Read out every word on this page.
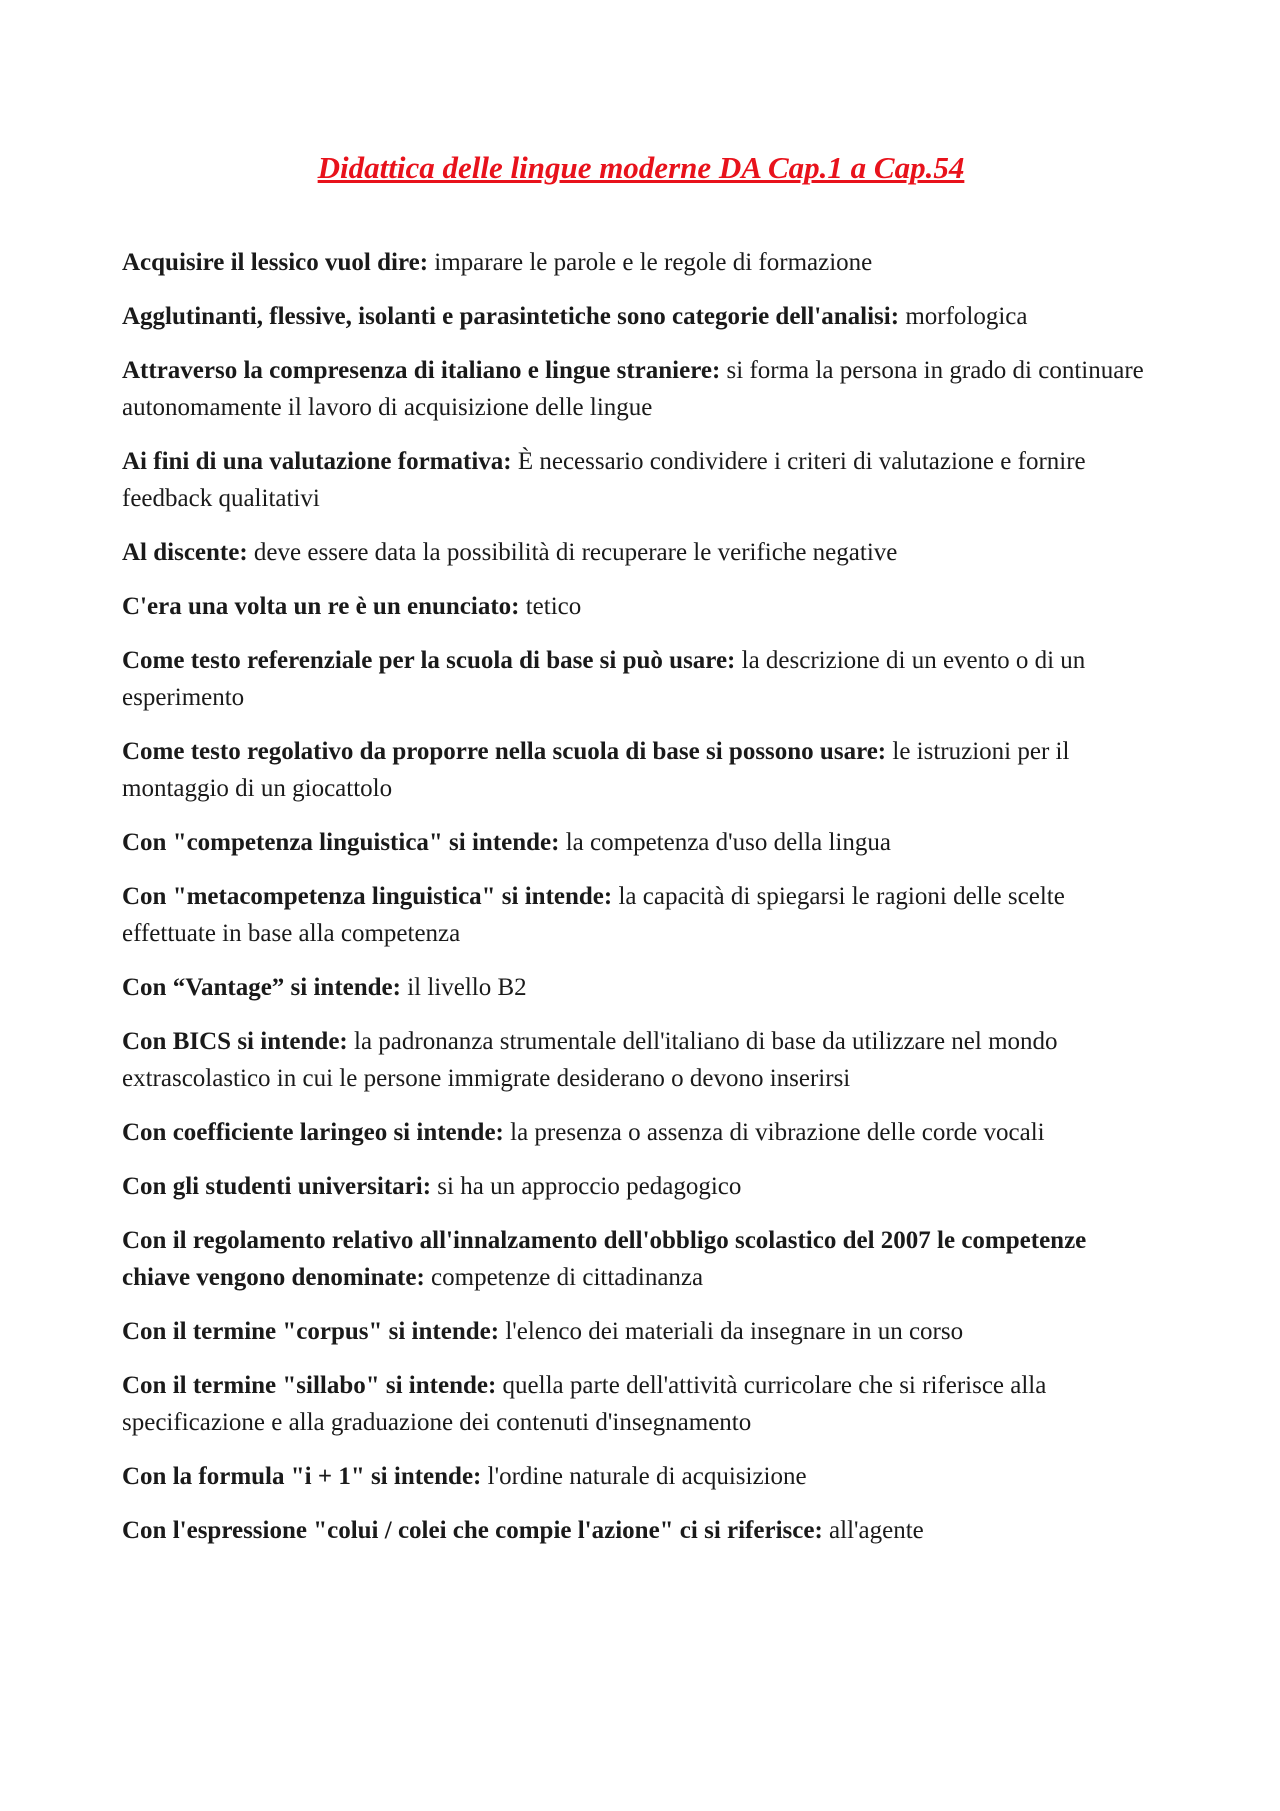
Didattica delle lingue moderne DA Cap.1 a Cap.54

Acquisire il lessico vuol dire: imparare le parole e le regole di formazione

Agglutinanti, flessive, isolanti e parasintetiche sono categorie dell'analisi: morfologica

Attraverso la compresenza di italiano e lingue straniere: si forma la persona in grado di continuare autonomamente il lavoro di acquisizione delle lingue

Ai fini di una valutazione formativa: È necessario condividere i criteri di valutazione e fornire feedback qualitativi

Al discente: deve essere data la possibilità di recuperare le verifiche negative

C'era una volta un re è un enunciato: tetico

Come testo referenziale per la scuola di base si può usare: la descrizione di un evento o di un esperimento

Come testo regolativo da proporre nella scuola di base si possono usare: le istruzioni per il montaggio di un giocattolo

Con "competenza linguistica" si intende: la competenza d'uso della lingua

Con "metacompetenza linguistica" si intende: la capacità di spiegarsi le ragioni delle scelte effettuate in base alla competenza

Con “Vantage” si intende: il livello B2

Con BICS si intende: la padronanza strumentale dell'italiano di base da utilizzare nel mondo extrascolastico in cui le persone immigrate desiderano o devono inserirsi

Con coefficiente laringeo si intende: la presenza o assenza di vibrazione delle corde vocali

Con gli studenti universitari: si ha un approccio pedagogico

Con il regolamento relativo all'innalzamento dell'obbligo scolastico del 2007 le competenze chiave vengono denominate: competenze di cittadinanza

Con il termine "corpus" si intende: l'elenco dei materiali da insegnare in un corso

Con il termine "sillabo" si intende: quella parte dell'attività curricolare che si riferisce alla specificazione e alla graduazione dei contenuti d'insegnamento

Con la formula "i + 1" si intende: l'ordine naturale di acquisizione

Con l'espressione "colui / colei che compie l'azione" ci si riferisce: all'agente
